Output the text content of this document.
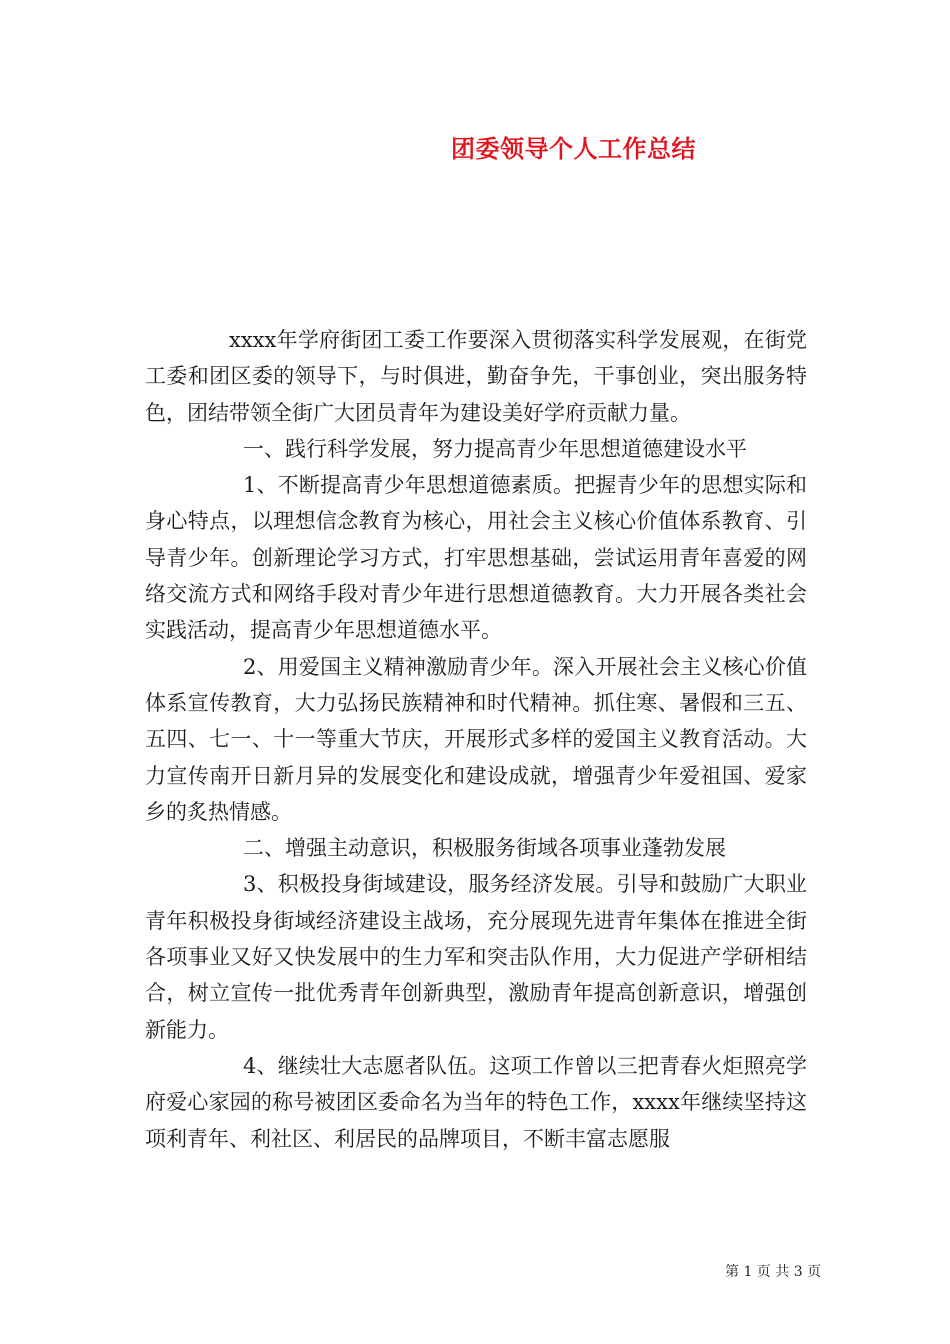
团委领导个人工作总结

xxxx年学府街团工委工作要深入贯彻落实科学发展观，在街党工委和团区委的领导下，与时俱进，勤奋争先，干事创业，突出服务特色，团结带领全街广大团员青年为建设美好学府贡献力量。

一、践行科学发展，努力提高青少年思想道德建设水平

1、不断提高青少年思想道德素质。把握青少年的思想实际和身心特点，以理想信念教育为核心，用社会主义核心价值体系教育、引导青少年。创新理论学习方式，打牢思想基础，尝试运用青年喜爱的网络交流方式和网络手段对青少年进行思想道德教育。大力开展各类社会实践活动，提高青少年思想道德水平。

2、用爱国主义精神激励青少年。深入开展社会主义核心价值体系宣传教育，大力弘扬民族精神和时代精神。抓住寒、暑假和三五、五四、七一、十一等重大节庆，开展形式多样的爱国主义教育活动。大力宣传南开日新月异的发展变化和建设成就，增强青少年爱祖国、爱家乡的炙热情感。

二、增强主动意识，积极服务街域各项事业蓬勃发展

3、积极投身街域建设，服务经济发展。引导和鼓励广大职业青年积极投身街域经济建设主战场，充分展现先进青年集体在推进全街各项事业又好又快发展中的生力军和突击队作用，大力促进产学研相结合，树立宣传一批优秀青年创新典型，激励青年提高创新意识，增强创新能力。

4、继续壮大志愿者队伍。这项工作曾以三把青春火炬照亮学府爱心家园的称号被团区委命名为当年的特色工作，xxxx年继续坚持这项利青年、利社区、利居民的品牌项目，不断丰富志愿服

第 1 页 共 3 页
